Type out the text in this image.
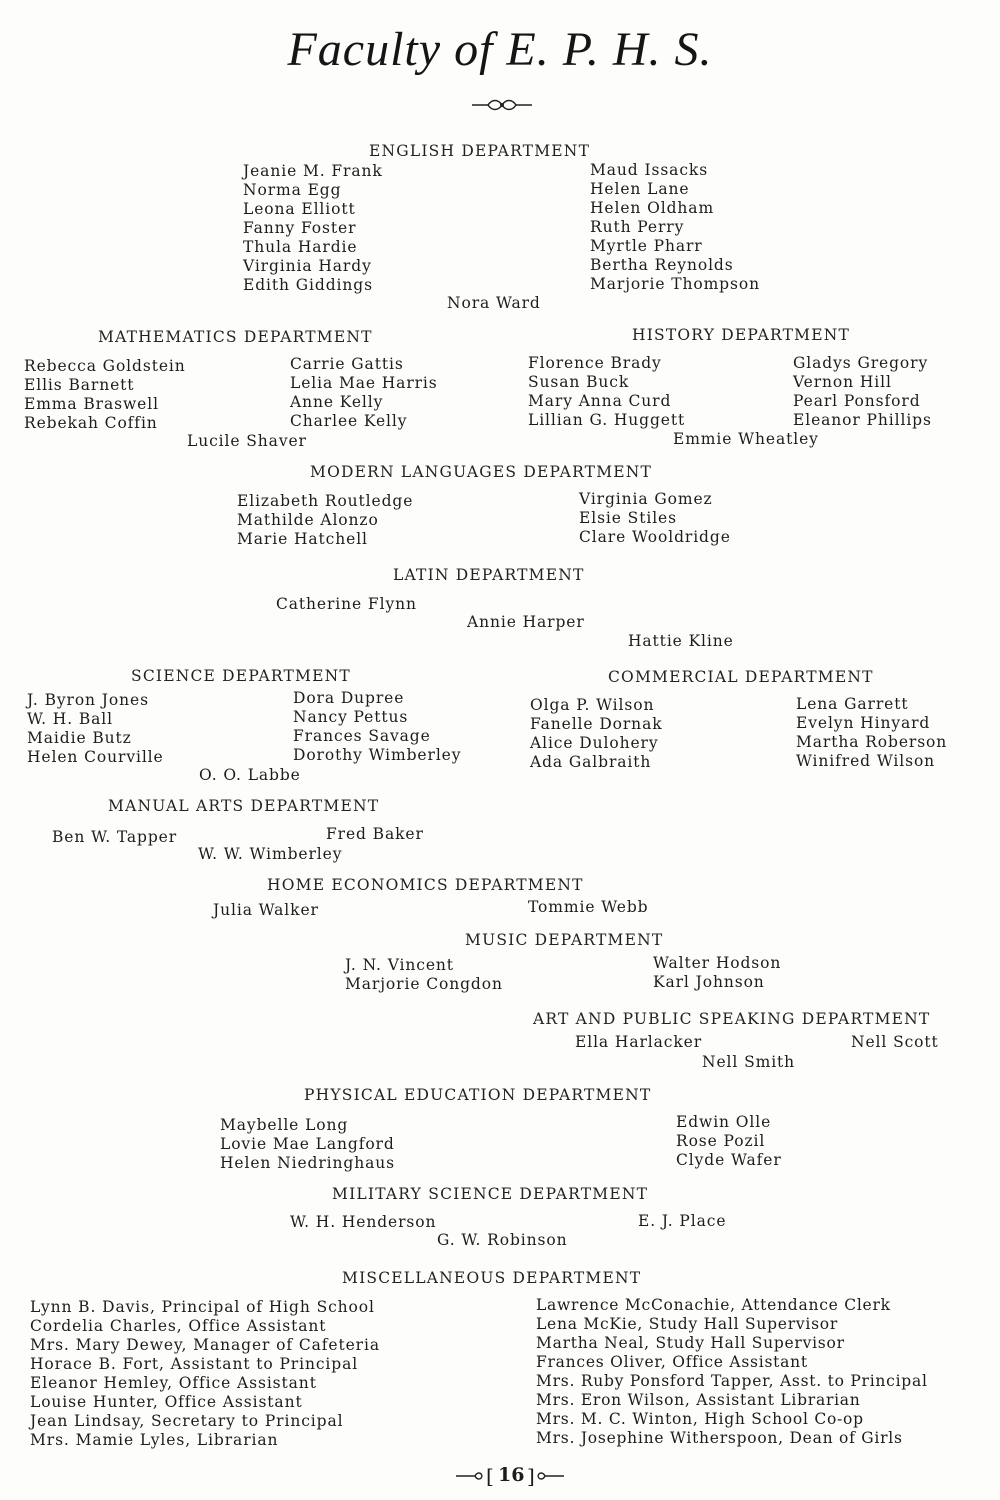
Faculty of E. P. H. S.
ENGLISH DEPARTMENT
Jeanie M. Frank
Norma Egg
Leona Elliott
Fanny Foster
Thula Hardie
Virginia Hardy
Edith Giddings
Maud Issacks
Helen Lane
Helen Oldham
Ruth Perry
Myrtle Pharr
Bertha Reynolds
Marjorie Thompson
Nora Ward
MATHEMATICS DEPARTMENT
Rebecca Goldstein
Ellis Barnett
Emma Braswell
Rebekah Coffin
Carrie Gattis
Lelia Mae Harris
Anne Kelly
Charlee Kelly
Lucile Shaver
HISTORY DEPARTMENT
Florence Brady
Susan Buck
Mary Anna Curd
Lillian G. Huggett
Gladys Gregory
Vernon Hill
Pearl Ponsford
Eleanor Phillips
Emmie Wheatley
MODERN LANGUAGES DEPARTMENT
Elizabeth Routledge
Mathilde Alonzo
Marie Hatchell
Virginia Gomez
Elsie Stiles
Clare Wooldridge
LATIN DEPARTMENT
Catherine Flynn
Annie Harper
Hattie Kline
SCIENCE DEPARTMENT
J. Byron Jones
W. H. Ball
Maidie Butz
Helen Courville
Dora Dupree
Nancy Pettus
Frances Savage
Dorothy Wimberley
O. O. Labbe
COMMERCIAL DEPARTMENT
Olga P. Wilson
Fanelle Dornak
Alice Dulohery
Ada Galbraith
Lena Garrett
Evelyn Hinyard
Martha Roberson
Winifred Wilson
MANUAL ARTS DEPARTMENT
Ben W. Tapper	Fred Baker
W. W. Wimberley
HOME ECONOMICS DEPARTMENT
Julia Walker	Tommie Webb
MUSIC DEPARTMENT
J. N. Vincent
Marjorie Congdon
Walter Hodson
Karl Johnson
ART AND PUBLIC SPEAKING DEPARTMENT
Ella Harlacker	Nell Scott
Nell Smith
PHYSICAL EDUCATION DEPARTMENT
Maybelle Long
Lovie Mae Langford
Helen Niedringhaus
Edwin Olle
Rose Pozil
Clyde Wafer
MILITARY SCIENCE DEPARTMENT
W. H. Henderson	E. J. Place
G. W. Robinson
MISCELLANEOUS DEPARTMENT
Lynn B. Davis, Principal of High School
Cordelia Charles, Office Assistant
Mrs. Mary Dewey, Manager of Cafeteria
Horace B. Fort, Assistant to Principal
Eleanor Hemley, Office Assistant
Louise Hunter, Office Assistant
Jean Lindsay, Secretary to Principal
Mrs. Mamie Lyles, Librarian
Lawrence McConachie, Attendance Clerk
Lena McKie, Study Hall Supervisor
Martha Neal, Study Hall Supervisor
Frances Oliver, Office Assistant
Mrs. Ruby Ponsford Tapper, Asst. to Principal
Mrs. Eron Wilson, Assistant Librarian
Mrs. M. C. Winton, High School Co-op
Mrs. Josephine Witherspoon, Dean of Girls
[ 16 ]
